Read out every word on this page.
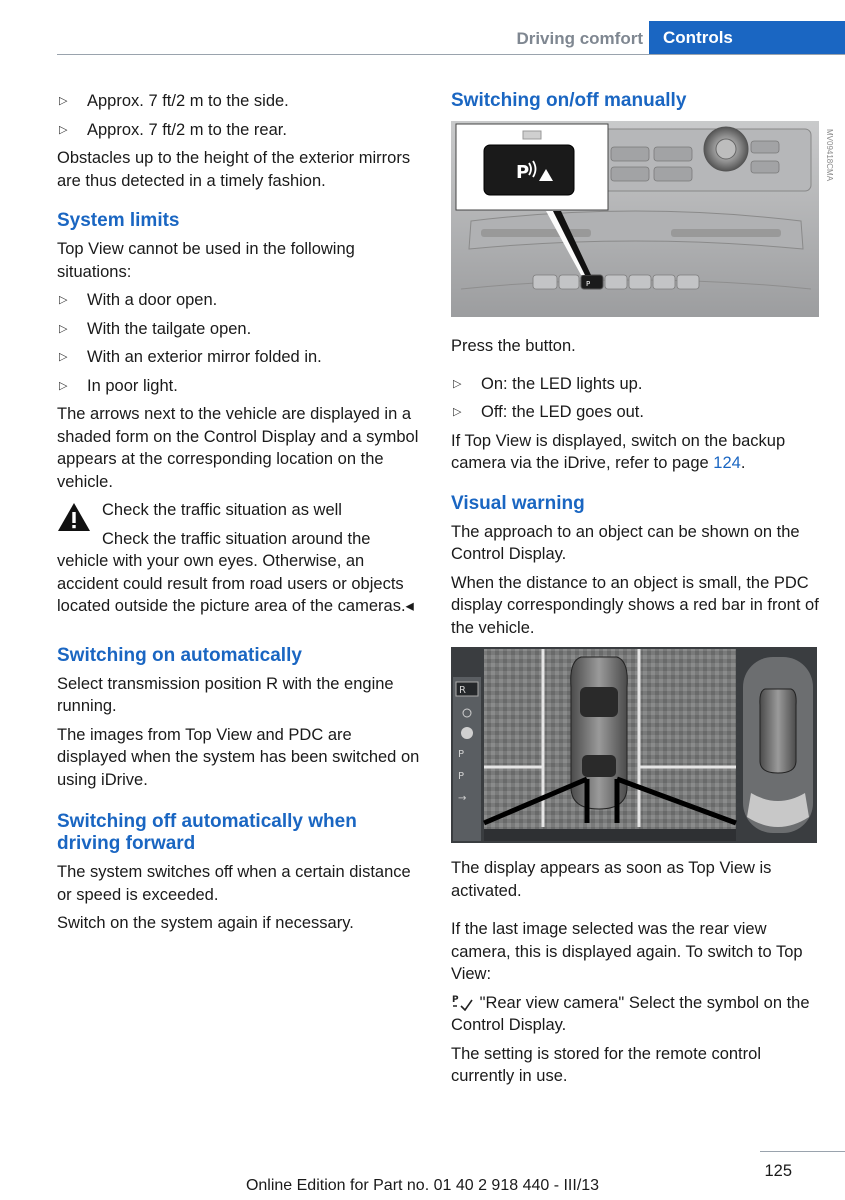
Driving comfort	Controls
▷ Approx. 7 ft/2 m to the side.
▷ Approx. 7 ft/2 m to the rear.

Obstacles up to the height of the exterior mirrors are thus detected in a timely fashion.

System limits

Top View cannot be used in the following situations:

▷ With a door open.
▷ With the tailgate open.
▷ With an exterior mirror folded in.
▷ In poor light.

The arrows next to the vehicle are displayed in a shaded form on the Control Display and a symbol appears at the corresponding location on the vehicle.

Check the traffic situation as well

Check the traffic situation around the vehicle with your own eyes. Otherwise, an accident could result from road users or objects located outside the picture area of the cameras.◂

Switching on automatically

Select transmission position R with the engine running.

The images from Top View and PDC are displayed when the system has been switched on using iDrive.

Switching off automatically when driving forward

The system switches off when a certain distance or speed is exceeded.

Switch on the system again if necessary.

Switching on/off manually
P
P	MV09418CMA

Press the button.

▷ On: the LED lights up.
▷ Off: the LED goes out.

If Top View is displayed, switch on the backup camera via the iDrive, refer to page 124.

Visual warning

The approach to an object can be shown on the Control Display.

When the distance to an object is small, the PDC display correspondingly shows a red bar in front of the vehicle.

R
P
P
→

The display appears as soon as Top View is activated.

If the last image selected was the rear view camera, this is displayed again. To switch to Top View:

P "Rear view camera" Select the symbol on the Control Display.

The setting is stored for the remote control currently in use.

125
Online Edition for Part no. 01 40 2 918 440 - III/13
